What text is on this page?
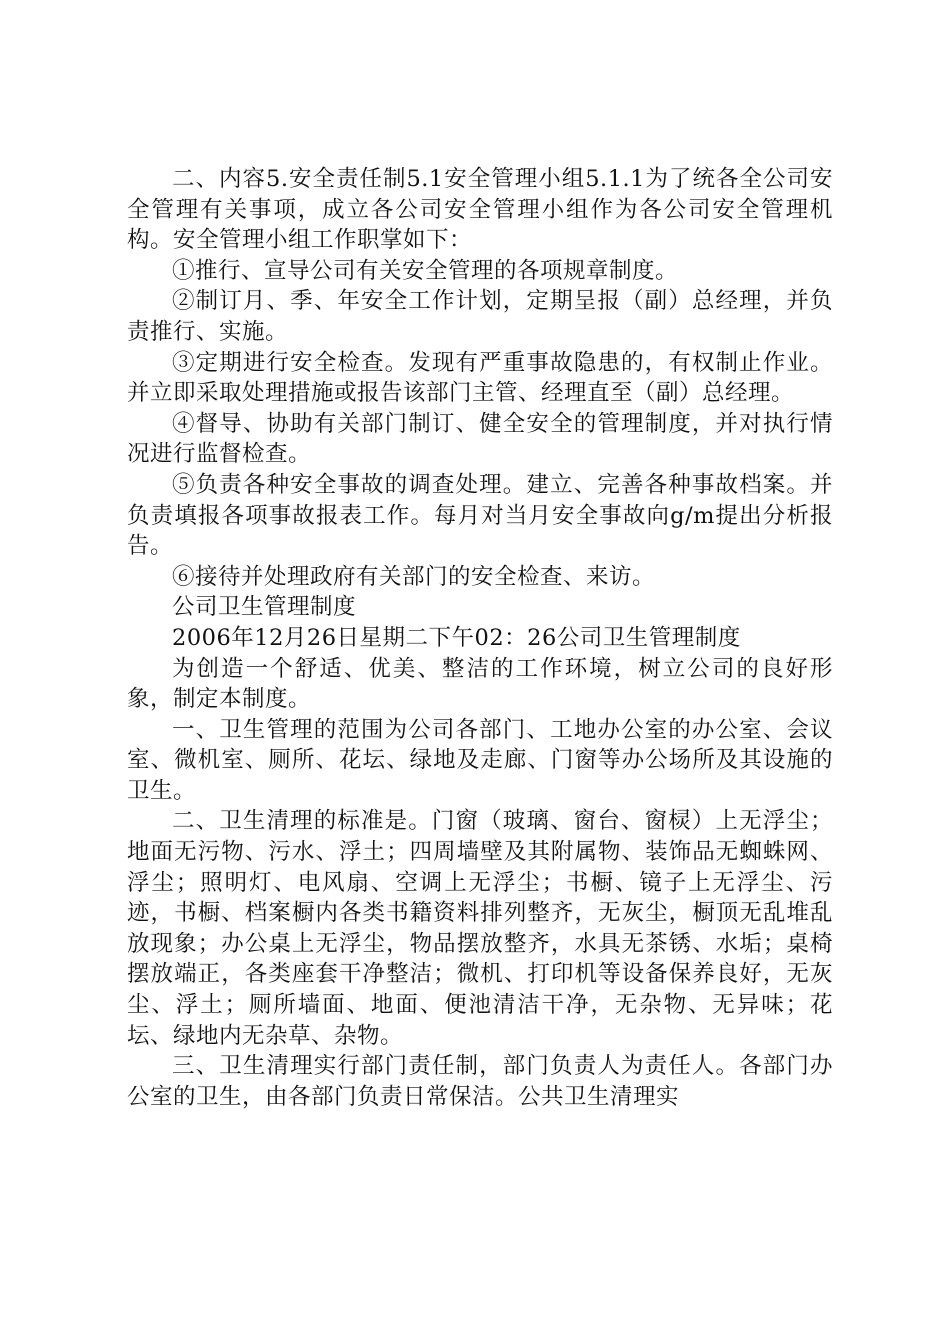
二、内容5.安全责任制5.1安全管理小组5.1.1为了统各全公司安全管理有关事项，成立各公司安全管理小组作为各公司安全管理机构。安全管理小组工作职掌如下：

①推行、宣导公司有关安全管理的各项规章制度。

②制订月、季、年安全工作计划，定期呈报（副）总经理，并负责推行、实施。

③定期进行安全检查。发现有严重事故隐患的，有权制止作业。并立即采取处理措施或报告该部门主管、经理直至（副）总经理。

④督导、协助有关部门制订、健全安全的管理制度，并对执行情况进行监督检查。

⑤负责各种安全事故的调查处理。建立、完善各种事故档案。并负责填报各项事故报表工作。每月对当月安全事故向g/m提出分析报告。

⑥接待并处理政府有关部门的安全检查、来访。

公司卫生管理制度

2006年12月26日星期二下午02：26公司卫生管理制度

为创造一个舒适、优美、整洁的工作环境，树立公司的良好形象，制定本制度。

一、卫生管理的范围为公司各部门、工地办公室的办公室、会议室、微机室、厕所、花坛、绿地及走廊、门窗等办公场所及其设施的卫生。

二、卫生清理的标准是。门窗（玻璃、窗台、窗棂）上无浮尘；地面无污物、污水、浮土；四周墙壁及其附属物、装饰品无蜘蛛网、浮尘；照明灯、电风扇、空调上无浮尘；书橱、镜子上无浮尘、污迹，书橱、档案橱内各类书籍资料排列整齐，无灰尘，橱顶无乱堆乱放现象；办公桌上无浮尘，物品摆放整齐，水具无茶锈、水垢；桌椅摆放端正，各类座套干净整洁；微机、打印机等设备保养良好，无灰尘、浮土；厕所墙面、地面、便池清洁干净，无杂物、无异味；花坛、绿地内无杂草、杂物。

三、卫生清理实行部门责任制，部门负责人为责任人。各部门办公室的卫生，由各部门负责日常保洁。公共卫生清理实
